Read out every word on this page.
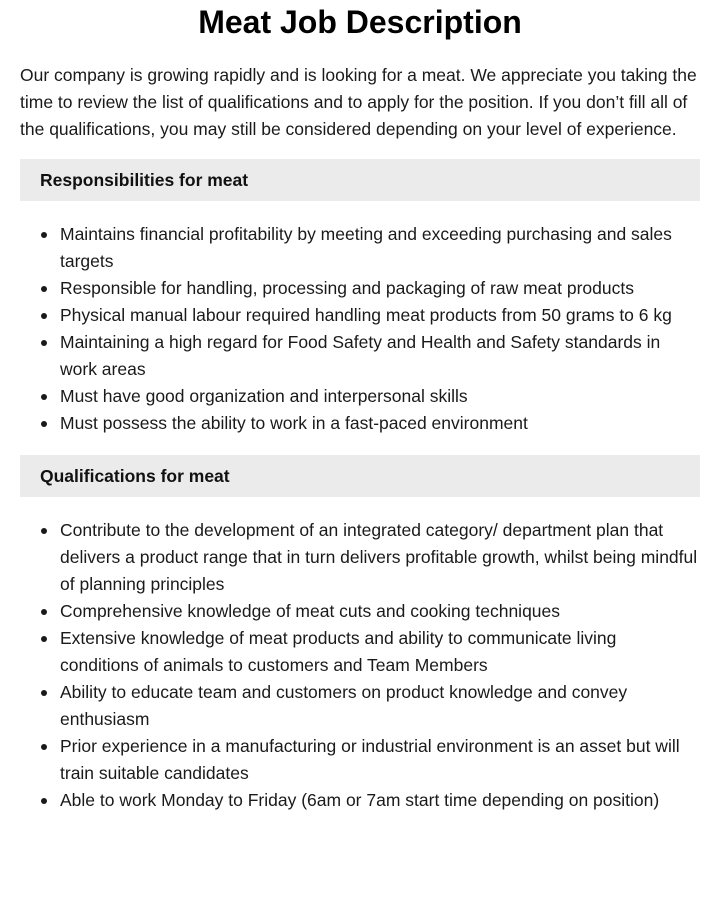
Meat Job Description

Our company is growing rapidly and is looking for a meat. We appreciate you taking the time to review the list of qualifications and to apply for the position. If you don’t fill all of the qualifications, you may still be considered depending on your level of experience.

Responsibilities for meat
Maintains financial profitability by meeting and exceeding purchasing and sales targets
Responsible for handling, processing and packaging of raw meat products
Physical manual labour required handling meat products from 50 grams to 6 kg
Maintaining a high regard for Food Safety and Health and Safety standards in work areas
Must have good organization and interpersonal skills
Must possess the ability to work in a fast-paced environment
Qualifications for meat
Contribute to the development of an integrated category/ department plan that delivers a product range that in turn delivers profitable growth, whilst being mindful of planning principles
Comprehensive knowledge of meat cuts and cooking techniques
Extensive knowledge of meat products and ability to communicate living conditions of animals to customers and Team Members
Ability to educate team and customers on product knowledge and convey enthusiasm
Prior experience in a manufacturing or industrial environment is an asset but will train suitable candidates
Able to work Monday to Friday (6am or 7am start time depending on position)
